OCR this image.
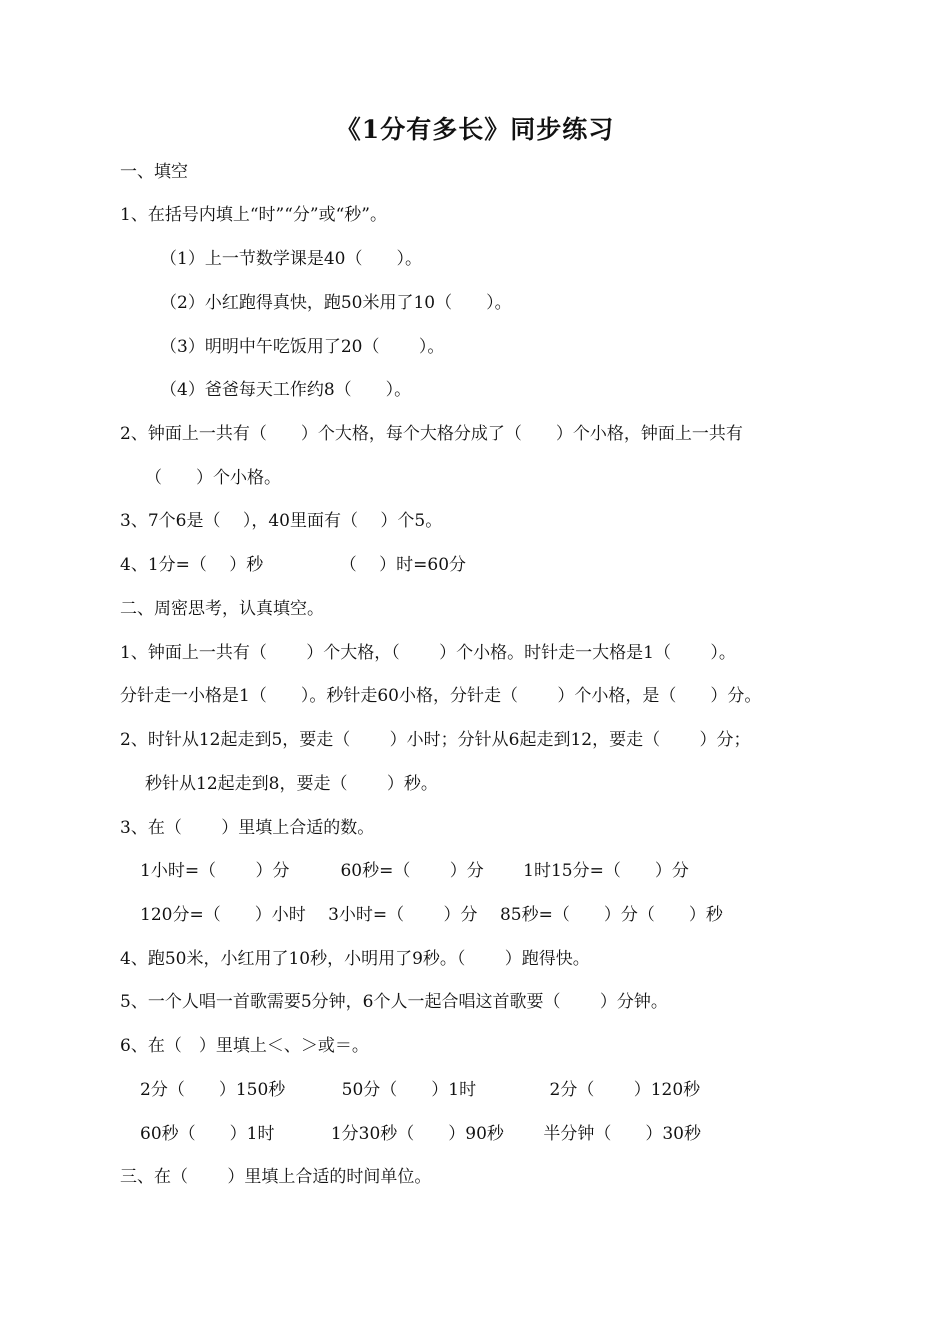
《1分有多长》同步练习

一、填空

1、在括号内填上“时”“分”或“秒”。

（1）上一节数学课是40（　　）。

（2）小红跑得真快，跑50米用了10（　　）。

（3）明明中午吃饭用了20（　　 ）。

（4）爸爸每天工作约8（　　）。

2、钟面上一共有（　　）个大格，每个大格分成了（　　）个小格，钟面上一共有

（　　）个小格。

3、7个6是（　 ），40里面有（　 ）个5。

4、1分=（　 ）秒　　　　　（　 ）时=60分

二、周密思考，认真填空。

1、钟面上一共有（　　 ）个大格，（　　 ）个小格。时针走一大格是1（　　 ）。

分针走一小格是1（　　）。秒针走60小格，分针走（　　 ）个小格，是（　　）分。

2、时针从12起走到5，要走（　　 ）小时；分针从6起走到12，要走（　　 ）分；

秒针从12起走到8，要走（　　 ）秒。

3、在（　　 ）里填上合适的数。

1小时=（　　 ）分　　　60秒=（　　 ）分　　 1时15分=（　　）分

120分=（　　）小时　 3小时=（　　 ）分　 85秒=（　　）分（　　）秒

4、跑50米，小红用了10秒，小明用了9秒。（　　 ）跑得快。

5、一个人唱一首歌需要5分钟，6个人一起合唱这首歌要（　　 ）分钟。

6、在（　）里填上＜、＞或＝。

2分（　　）150秒　　　 50分（　　）1时　　　　 2分（　　 ）120秒

60秒（　　）1时　　　 1分30秒（　　）90秒　　 半分钟（　　）30秒

三、在（　　 ）里填上合适的时间单位。
